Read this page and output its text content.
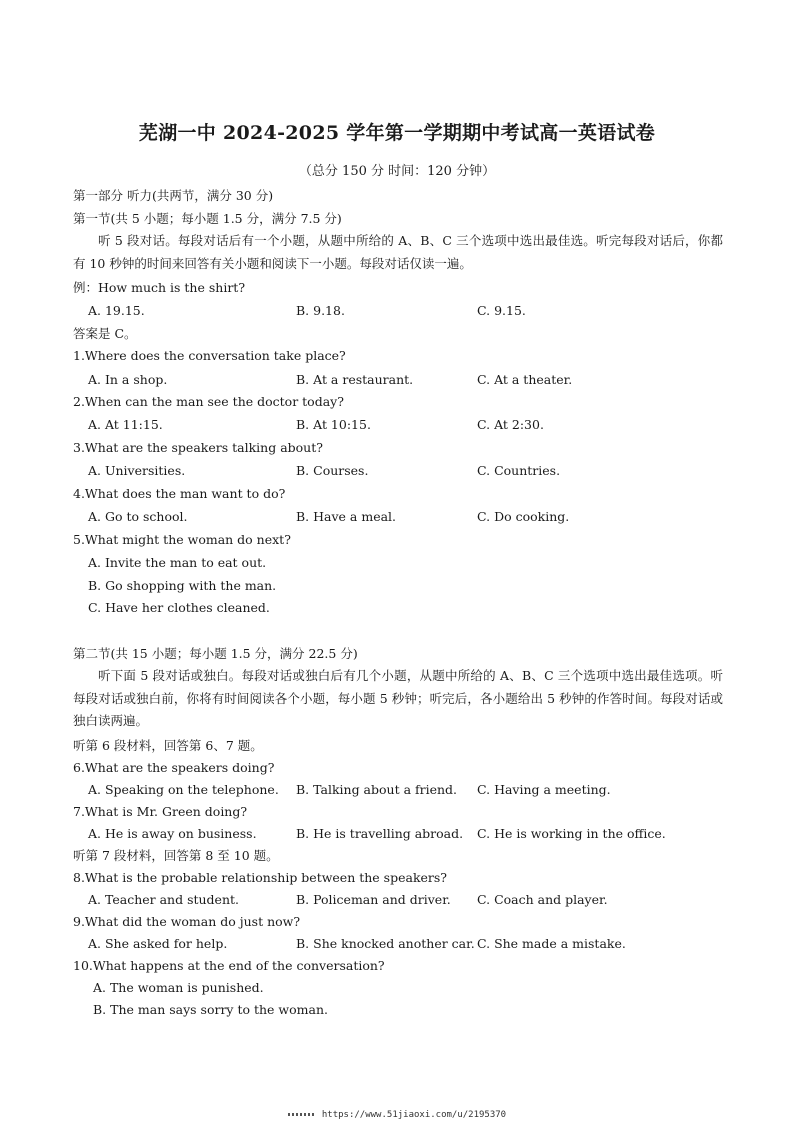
芜湖一中 2024-2025 学年第一学期期中考试高一英语试卷
（总分 150 分 时间：120 分钟）
第一部分 听力(共两节，满分 30 分)
第一节(共 5 小题；每小题 1.5 分，满分 7.5 分)
听 5 段对话。每段对话后有一个小题，从题中所给的 A、B、C 三个选项中选出最佳选。听完每段对话后，你都有 10 秒钟的时间来回答有关小题和阅读下一小题。每段对话仅读一遍。
例：How much is the shirt?
A. 19.15.	B. 9.18.	C. 9.15.
答案是 C。
1.Where does the conversation take place?
A. In a shop.	B. At a restaurant.	C. At a theater.
2.When can the man see the doctor today?
A. At 11:15.	B. At 10:15.	C. At 2:30.
3.What are the speakers talking about?
A. Universities.	B. Courses.	C. Countries.
4.What does the man want to do?
A. Go to school.	B. Have a meal.	C. Do cooking.
5.What might the woman do next?
A. Invite the man to eat out.
B. Go shopping with the man.
C. Have her clothes cleaned.
第二节(共 15 小题；每小题 1.5 分，满分 22.5 分)
听下面 5 段对话或独白。每段对话或独白后有几个小题，从题中所给的 A、B、C 三个选项中选出最佳选项。听每段对话或独白前，你将有时间阅读各个小题，每小题 5 秒钟；听完后，各小题给出 5 秒钟的作答时间。每段对话或独白读两遍。
听第 6 段材料，回答第 6、7 题。
6.What are the speakers doing?
A. Speaking on the telephone. B. Talking about a friend. C. Having a meeting.
7.What is Mr. Green doing?
A. He is away on business.	B. He is travelling abroad. C. He is working in the office.
听第 7 段材料，回答第 8 至 10 题。
8.What is the probable relationship between the speakers?
A. Teacher and student.	B. Policeman and driver. C. Coach and player.
9.What did the woman do just now?
A. She asked for help.	B. She knocked another car. C. She made a mistake.
10.What happens at the end of the conversation?
A. The woman is punished.
B. The man says sorry to the woman.
https://www.51jiaoxi.com/u/2195370
